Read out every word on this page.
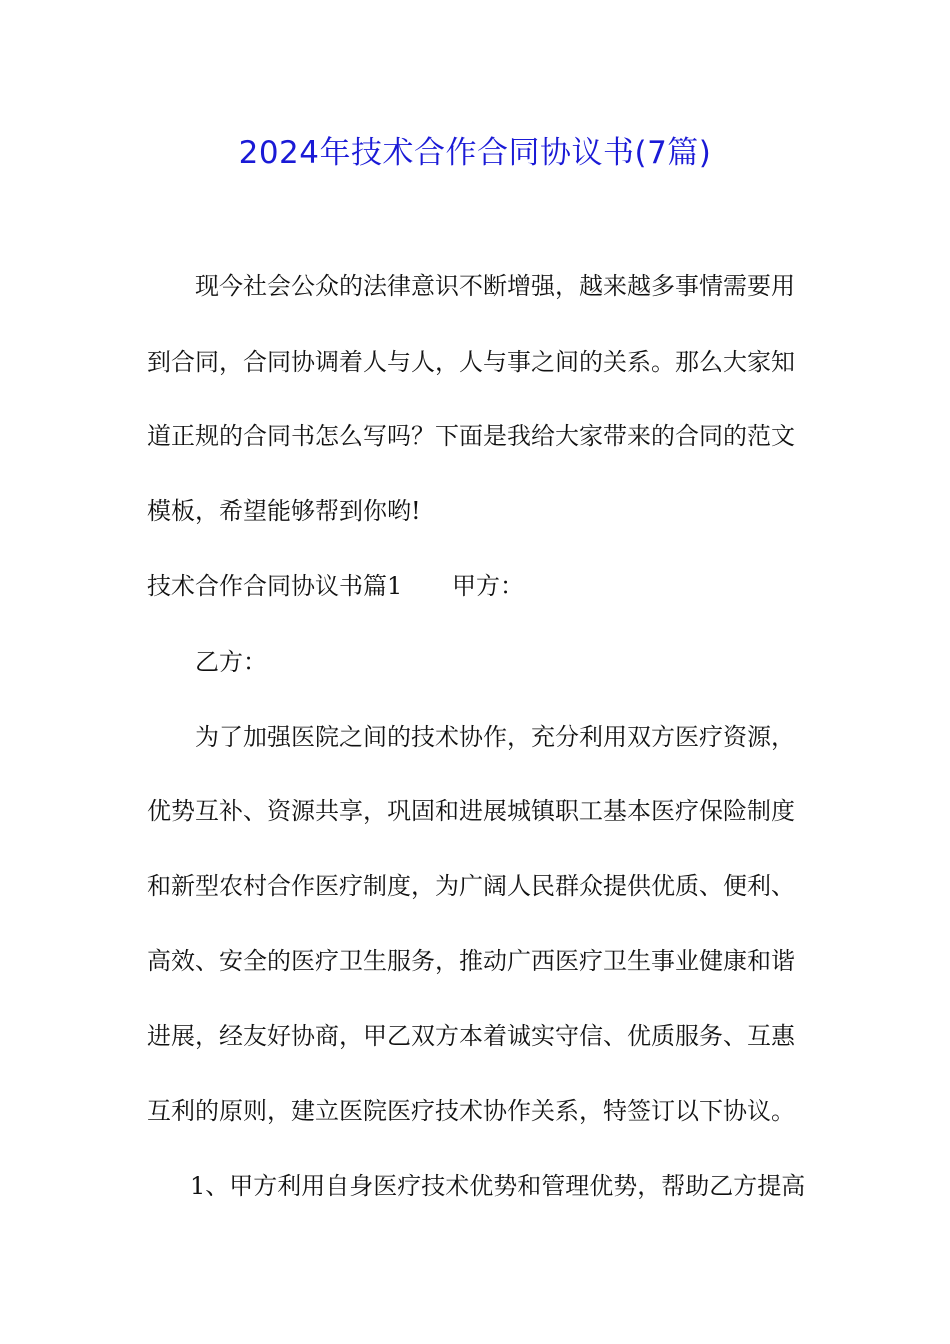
2024年技术合作合同协议书(7篇)
现今社会公众的法律意识不断增强，越来越多事情需要用
到合同，合同协调着人与人，人与事之间的关系。那么大家知
道正规的合同书怎么写吗？下面是我给大家带来的合同的范文
模板，希望能够帮到你哟!
技术合作合同协议书篇1	甲方：
乙方：
为了加强医院之间的技术协作，充分利用双方医疗资源，
优势互补、资源共享，巩固和进展城镇职工基本医疗保险制度
和新型农村合作医疗制度，为广阔人民群众提供优质、便利、
高效、安全的医疗卫生服务，推动广西医疗卫生事业健康和谐
进展，经友好协商，甲乙双方本着诚实守信、优质服务、互惠
互利的原则，建立医院医疗技术协作关系，特签订以下协议。
1、甲方利用自身医疗技术优势和管理优势，帮助乙方提高
